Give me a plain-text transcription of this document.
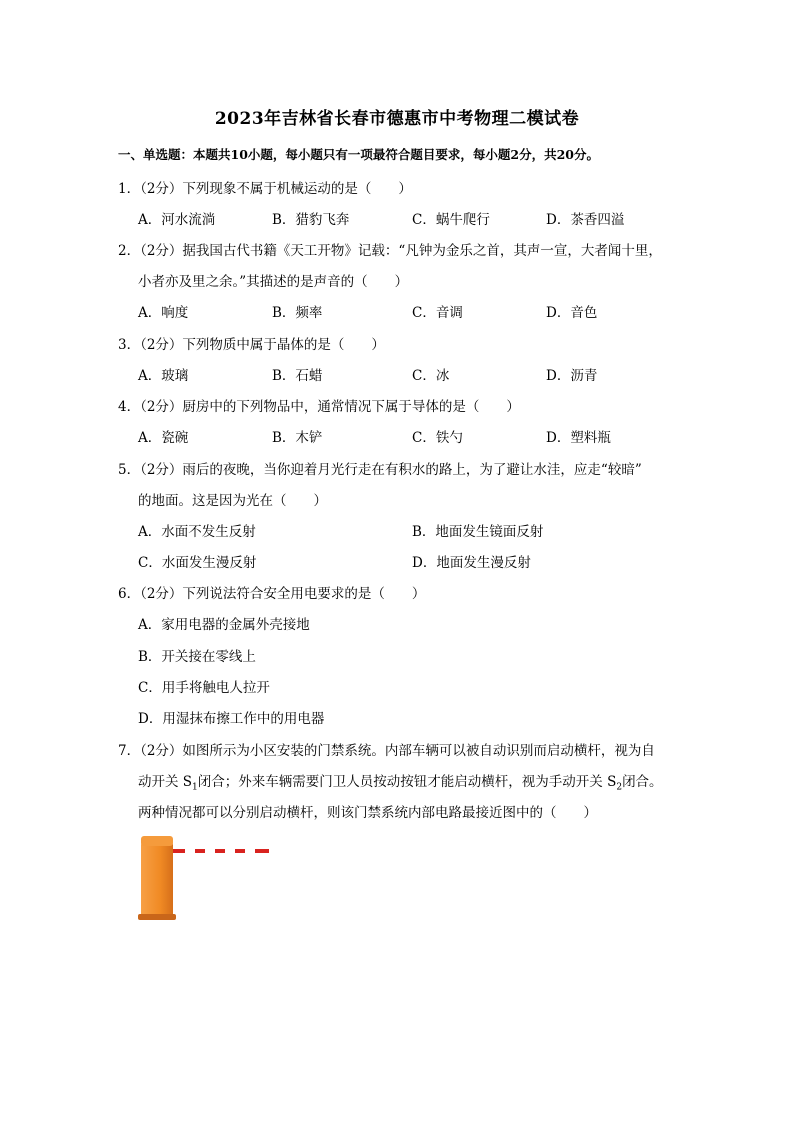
2023年吉林省长春市德惠市中考物理二模试卷
一、单选题：本题共10小题，每小题只有一项最符合题目要求，每小题2分，共20分。
1．（2分）下列现象不属于机械运动的是（　　）
A．河水流淌	B．猎豹飞奔	C．蜗牛爬行	D．茶香四溢
2．（2分）据我国古代书籍《天工开物》记载：“凡钟为金乐之首，其声一宣，大者闻十里，
小者亦及里之余。”其描述的是声音的（　　）
A．响度	B．频率	C．音调	D．音色
3．（2分）下列物质中属于晶体的是（　　）
A．玻璃	B．石蜡	C．冰	D．沥青
4．（2分）厨房中的下列物品中，通常情况下属于导体的是（　　）
A．瓷碗	B．木铲	C．铁勺	D．塑料瓶
5．（2分）雨后的夜晚，当你迎着月光行走在有积水的路上，为了避让水洼，应走“较暗”
的地面。这是因为光在（　　）
A．水面不发生反射	B．地面发生镜面反射
C．水面发生漫反射	D．地面发生漫反射
6．（2分）下列说法符合安全用电要求的是（　　）
A．家用电器的金属外壳接地
B．开关接在零线上
C．用手将触电人拉开
D．用湿抹布擦工作中的用电器
7．（2分）如图所示为小区安装的门禁系统。内部车辆可以被自动识别而启动横杆，视为自
动开关 $S_1$闭合；外来车辆需要门卫人员按动按钮才能启动横杆，视为手动开关 $S_2$闭合。
两种情况都可以分别启动横杆，则该门禁系统内部电路最接近图中的（　　）
